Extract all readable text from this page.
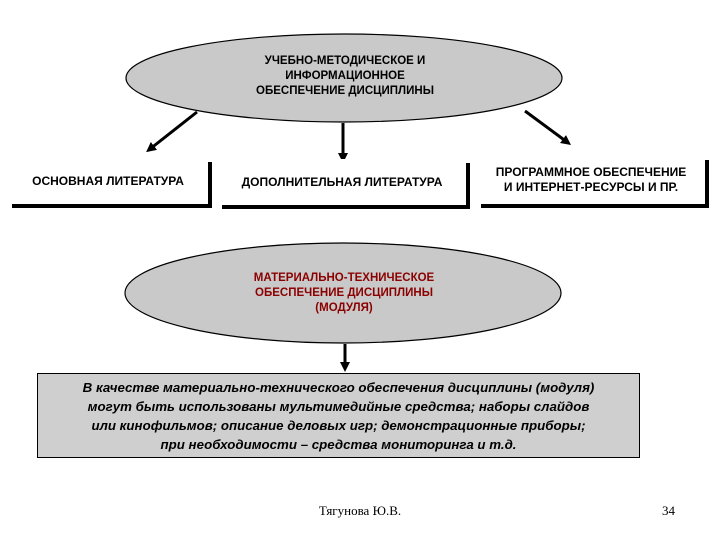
УЧЕБНО-МЕТОДИЧЕСКОЕ И
ИНФОРМАЦИОННОЕ
ОБЕСПЕЧЕНИЕ ДИСЦИПЛИНЫ
ОСНОВНАЯ ЛИТЕРАТУРА	ДОПОЛНИТЕЛЬНАЯ ЛИТЕРАТУРА
ПРОГРАММНОЕ ОБЕСПЕЧЕНИЕ
И ИНТЕРНЕТ-РЕСУРСЫ И ПР.
МАТЕРИАЛЬНО-ТЕХНИЧЕСКОЕ
ОБЕСПЕЧЕНИЕ ДИСЦИПЛИНЫ
(МОДУЛЯ)
В качестве материально-технического обеспечения дисциплины (модуля)
могут быть использованы мультимедийные средства; наборы слайдов
или кинофильмов; описание деловых игр; демонстрационные приборы;
при необходимости – средства мониторинга и т.д.
Тягунова Ю.В.	34
